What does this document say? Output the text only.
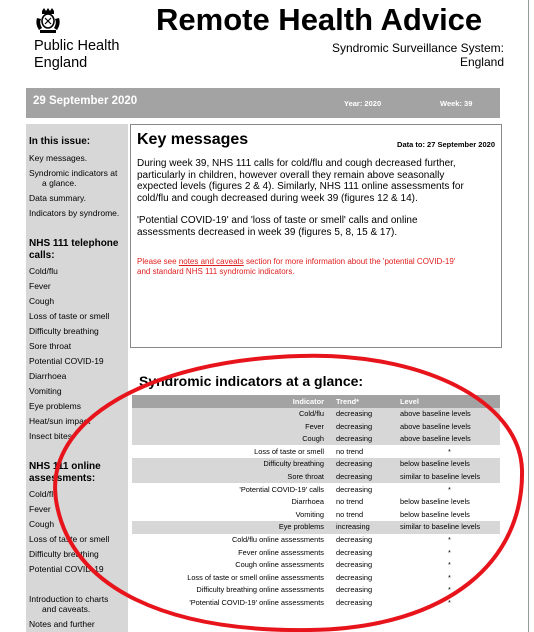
Public Health
England
Remote Health Advice
Syndromic Surveillance System:
England
29 September 2020	Year: 2020	Week: 39
In this issue:
Key messages.
Syndromic indicators at
a glance.
Data summary.
Indicators by syndrome.
NHS 111 telephone
calls:
Cold/flu
Fever
Cough
Loss of taste or smell
Difficulty breathing
Sore throat
Potential COVID-19
Diarrhoea
Vomiting
Eye problems
Heat/sun impact
Insect bites
NHS 111 online
assessments:
Cold/flu
Fever
Cough
Loss of taste or smell
Difficulty breathing
Potential COVID-19
Introduction to charts
and caveats.
Notes and further
Key messages	Data to: 27 September 2020
During week 39, NHS 111 calls for cold/flu and cough decreased further,
particularly in children, however overall they remain above seasonally
expected levels (figures 2 & 4). Similarly, NHS 111 online assessments for
cold/flu and cough decreased during week 39 (figures 12 & 14).
'Potential COVID-19' and 'loss of taste or smell' calls and online
assessments decreased in week 39 (figures 5, 8, 15 & 17).
Please see notes and caveats section for more information about the 'potential COVID-19'
and standard NHS 111 syndromic indicators.
Syndromic indicators at a glance:
Indicator Trend*	Level
Cold/flu decreasing	above baseline levels
Fever decreasing	above baseline levels
Cough decreasing	above baseline levels
Loss of taste or smell no trend	*
Difficulty breathing decreasing	below baseline levels
Sore throat decreasing	similar to baseline levels
'Potential COVID-19' calls decreasing	*
Diarrhoea no trend	below baseline levels
Vomiting no trend	below baseline levels
Eye problems increasing	similar to baseline levels
Cold/flu online assessments decreasing	*
Fever online assessments decreasing	*
Cough online assessments decreasing	*
Loss of taste or smell online assessments decreasing	*
Difficulty breathing online assessments decreasing	*
'Potential COVID-19' online assessments decreasing	*
